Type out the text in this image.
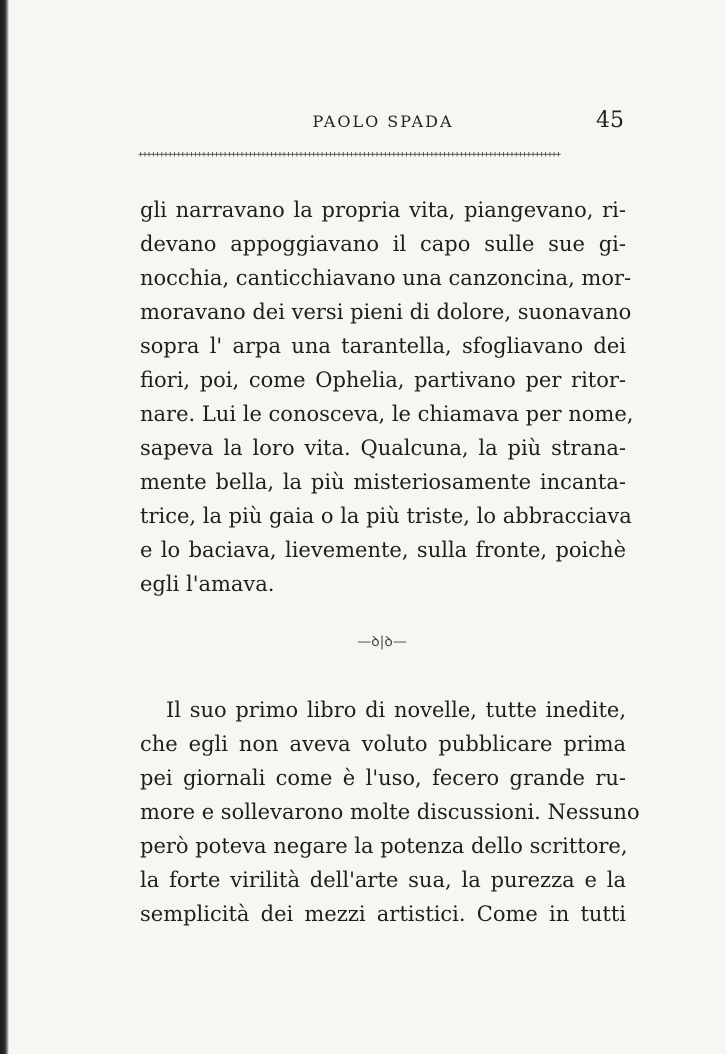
PAOLO SPADA	45
++++++++++++++++++++++++++++++++++++++++++++++++++++++++++++++++++++++++++++++++++++++++++++++++++++
gli narravano la propria vita, piangevano, ri-
devano appoggiavano il capo sulle sue gi-
nocchia, canticchiavano una canzoncina, mor-
moravano dei versi pieni di dolore, suonavano
sopra l' arpa una tarantella, sfogliavano dei
fiori, poi, come Ophelia, partivano per ritor-
nare. Lui le conosceva, le chiamava per nome,
sapeva la loro vita. Qualcuna, la più strana-
mente bella, la più misteriosamente incanta-
trice, la più gaia o la più triste, lo abbracciava
e lo baciava, lievemente, sulla fronte, poichè
egli l'amava.
—ꝺ|ꝺ—
Il suo primo libro di novelle, tutte inedite,
che egli non aveva voluto pubblicare prima
pei giornali come è l'uso, fecero grande ru-
more e sollevarono molte discussioni. Nessuno
però poteva negare la potenza dello scrittore,
la forte virilità dell'arte sua, la purezza e la
semplicità dei mezzi artistici. Come in tutti
